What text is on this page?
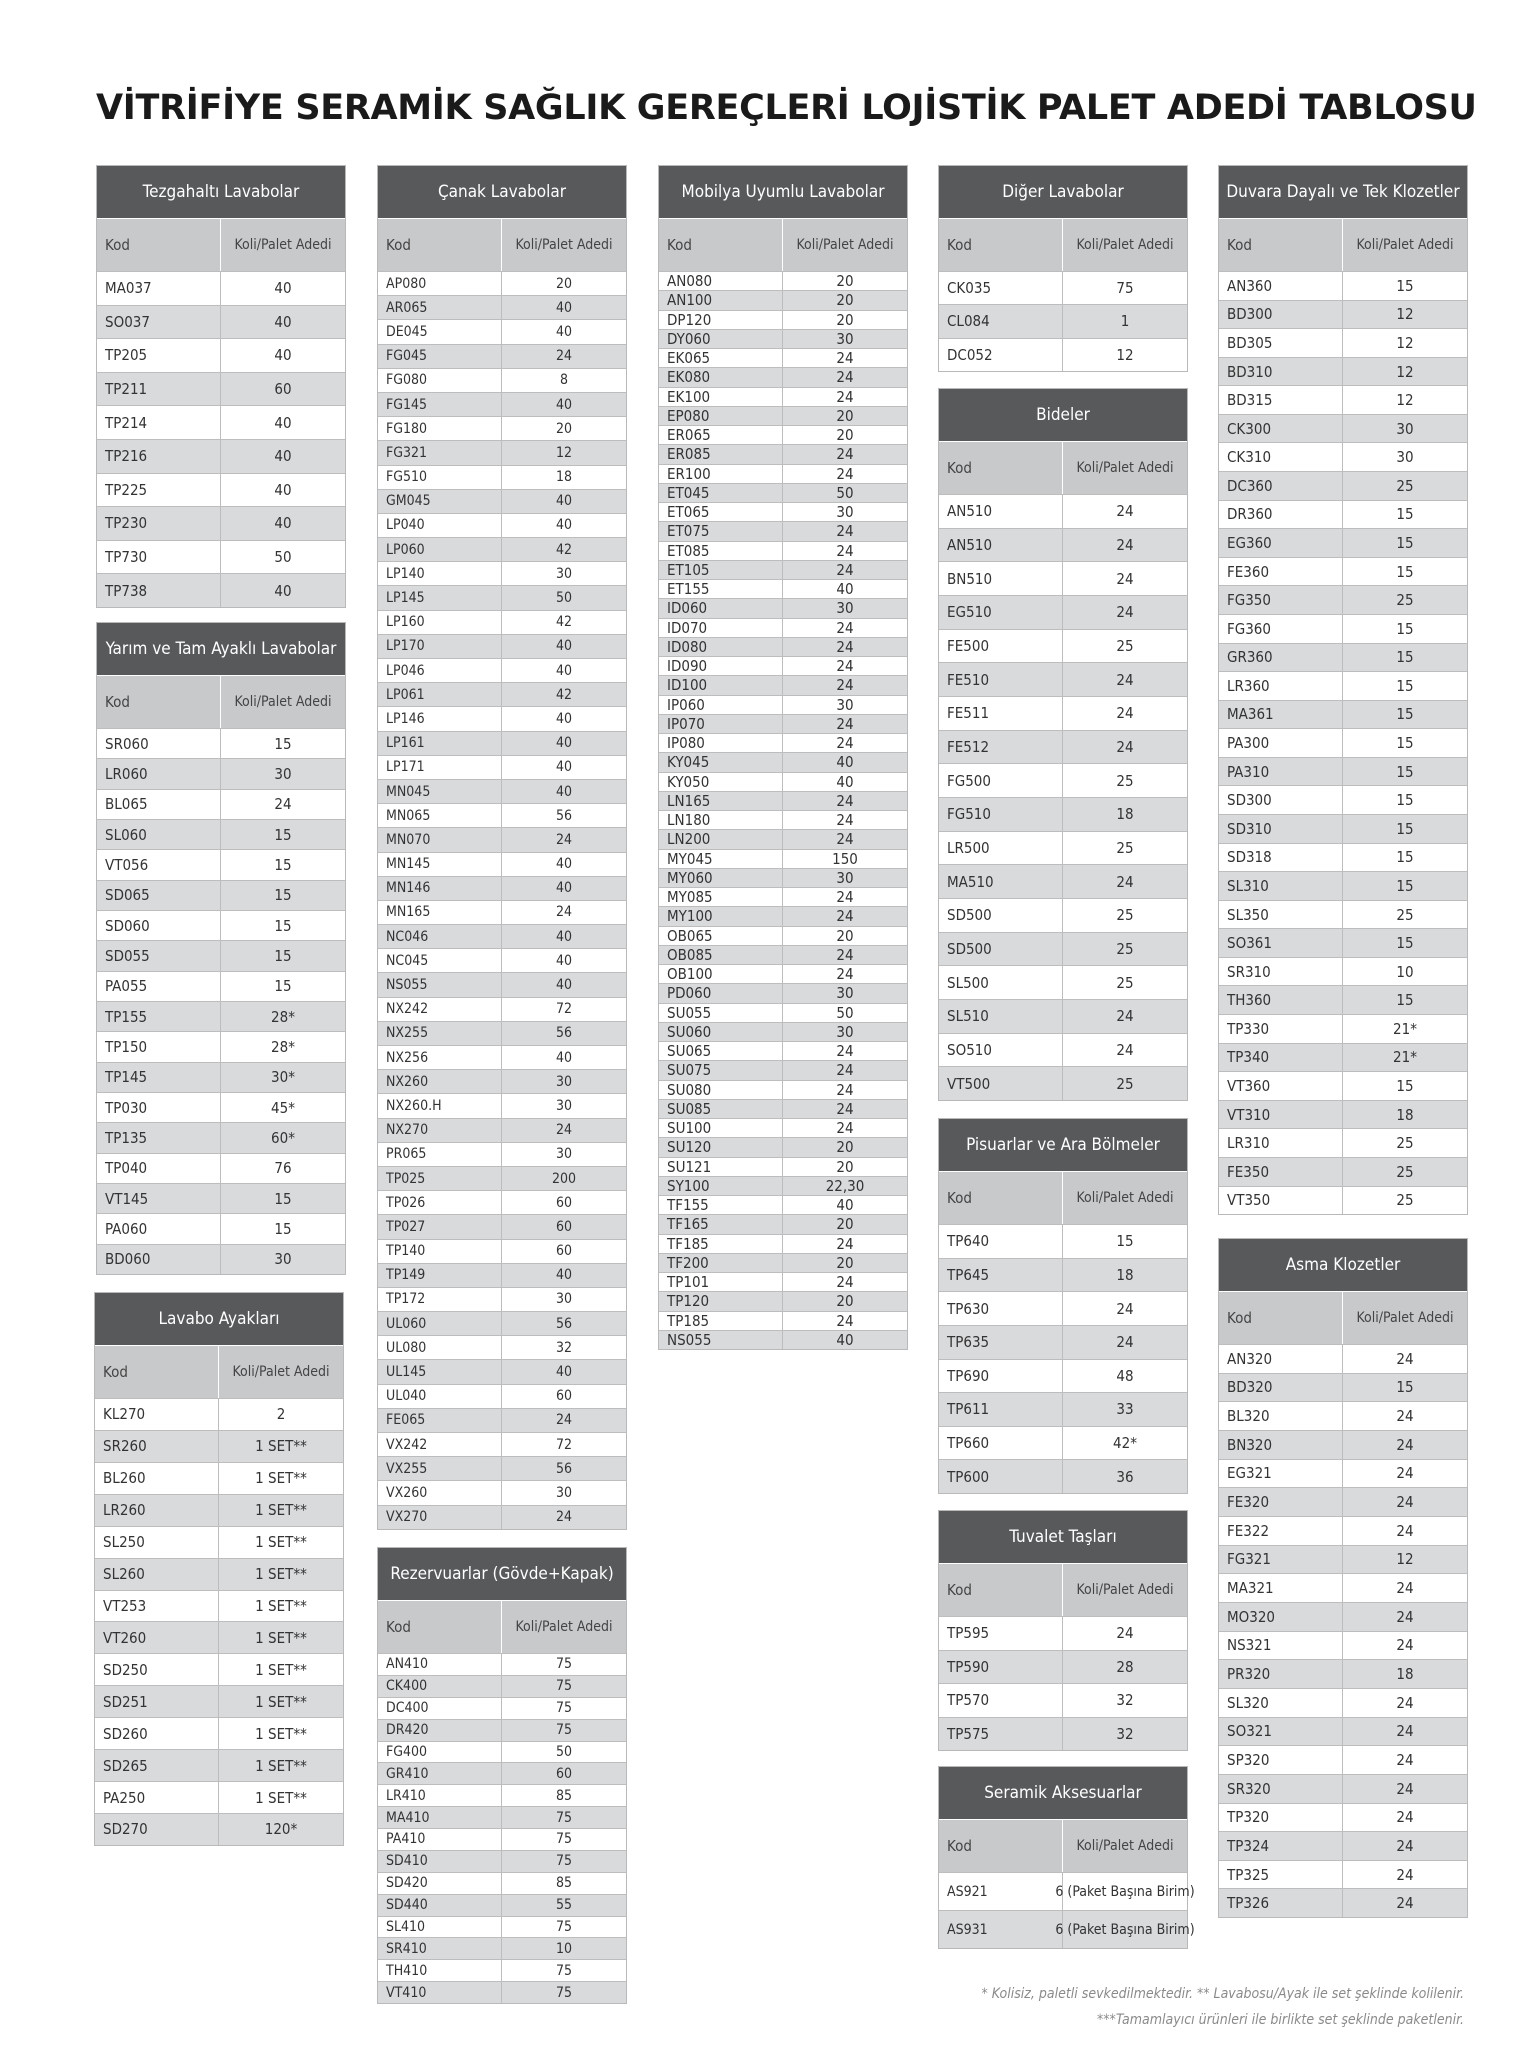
VİTRİFİYE SERAMİK SAĞLIK GEREÇLERİ LOJİSTİK PALET ADEDİ TABLOSU
Tezgahaltı Lavabolar
Kod	Koli/Palet Adedi
MA037	40
SO037	40
TP205	40
TP211	60
TP214	40
TP216	40
TP225	40
TP230	40
TP730	50
TP738	40
Yarım ve Tam Ayaklı Lavabolar
Kod	Koli/Palet Adedi
SR060	15
LR060	30
BL065	24
SL060	15
VT056	15
SD065	15
SD060	15
SD055	15
PA055	15
TP155	28*
TP150	28*
TP145	30*
TP030	45*
TP135	60*
TP040	76
VT145	15
PA060	15
BD060	30
Lavabo Ayakları
Kod	Koli/Palet Adedi
KL270	2
SR260	1 SET**
BL260	1 SET**
LR260	1 SET**
SL250	1 SET**
SL260	1 SET**
VT253	1 SET**
VT260	1 SET**
SD250	1 SET**
SD251	1 SET**
SD260	1 SET**
SD265	1 SET**
PA250	1 SET**
SD270	120*
Çanak Lavabolar
Kod	Koli/Palet Adedi
AP080	20
AR065	40
DE045	40
FG045	24
FG080	8
FG145	40
FG180	20
FG321	12
FG510	18
GM045	40
LP040	40
LP060	42
LP140	30
LP145	50
LP160	42
LP170	40
LP046	40
LP061	42
LP146	40
LP161	40
LP171	40
MN045	40
MN065	56
MN070	24
MN145	40
MN146	40
MN165	24
NC046	40
NC045	40
NS055	40
NX242	72
NX255	56
NX256	40
NX260	30
NX260.H	30
NX270	24
PR065	30
TP025	200
TP026	60
TP027	60
TP140	60
TP149	40
TP172	30
UL060	56
UL080	32
UL145	40
UL040	60
FE065	24
VX242	72
VX255	56
VX260	30
VX270	24
Rezervuarlar (Gövde+Kapak)
Kod	Koli/Palet Adedi
AN410	75
CK400	75
DC400	75
DR420	75
FG400	50
GR410	60
LR410	85
MA410	75
PA410	75
SD410	75
SD420	85
SD440	55
SL410	75
SR410	10
TH410	75
VT410	75
Mobilya Uyumlu Lavabolar
Kod	Koli/Palet Adedi
AN080	20
AN100	20
DP120	20
DY060	30
EK065	24
EK080	24
EK100	24
EP080	20
ER065	20
ER085	24
ER100	24
ET045	50
ET065	30
ET075	24
ET085	24
ET105	24
ET155	40
ID060	30
ID070	24
ID080	24
ID090	24
ID100	24
IP060	30
IP070	24
IP080	24
KY045	40
KY050	40
LN165	24
LN180	24
LN200	24
MY045	150
MY060	30
MY085	24
MY100	24
OB065	20
OB085	24
OB100	24
PD060	30
SU055	50
SU060	30
SU065	24
SU075	24
SU080	24
SU085	24
SU100	24
SU120	20
SU121	20
SY100	22,30
TF155	40
TF165	20
TF185	24
TF200	20
TP101	24
TP120	20
TP185	24
NS055	40
Diğer Lavabolar
Kod	Koli/Palet Adedi
CK035	75
CL084	1
DC052	12
Bideler
Kod	Koli/Palet Adedi
AN510	24
AN510	24
BN510	24
EG510	24
FE500	25
FE510	24
FE511	24
FE512	24
FG500	25
FG510	18
LR500	25
MA510	24
SD500	25
SD500	25
SL500	25
SL510	24
SO510	24
VT500	25
Pisuarlar ve Ara Bölmeler
Kod	Koli/Palet Adedi
TP640	15
TP645	18
TP630	24
TP635	24
TP690	48
TP611	33
TP660	42*
TP600	36
Tuvalet Taşları
Kod	Koli/Palet Adedi
TP595	24
TP590	28
TP570	32
TP575	32
Seramik Aksesuarlar
Kod	Koli/Palet Adedi
AS921	6 (Paket Başına Birim)
AS931	6 (Paket Başına Birim)
Duvara Dayalı ve Tek Klozetler
Kod	Koli/Palet Adedi
AN360	15
BD300	12
BD305	12
BD310	12
BD315	12
CK300	30
CK310	30
DC360	25
DR360	15
EG360	15
FE360	15
FG350	25
FG360	15
GR360	15
LR360	15
MA361	15
PA300	15
PA310	15
SD300	15
SD310	15
SD318	15
SL310	15
SL350	25
SO361	15
SR310	10
TH360	15
TP330	21*
TP340	21*
VT360	15
VT310	18
LR310	25
FE350	25
VT350	25
Asma Klozetler
Kod	Koli/Palet Adedi
AN320	24
BD320	15
BL320	24
BN320	24
EG321	24
FE320	24
FE322	24
FG321	12
MA321	24
MO320	24
NS321	24
PR320	18
SL320	24
SO321	24
SP320	24
SR320	24
TP320	24
TP324	24
TP325	24
TP326	24
* Kolisiz, paletli sevkedilmektedir. ** Lavabosu/Ayak ile set şeklinde kolilenir.
***Tamamlayıcı ürünleri ile birlikte set şeklinde paketlenir.
